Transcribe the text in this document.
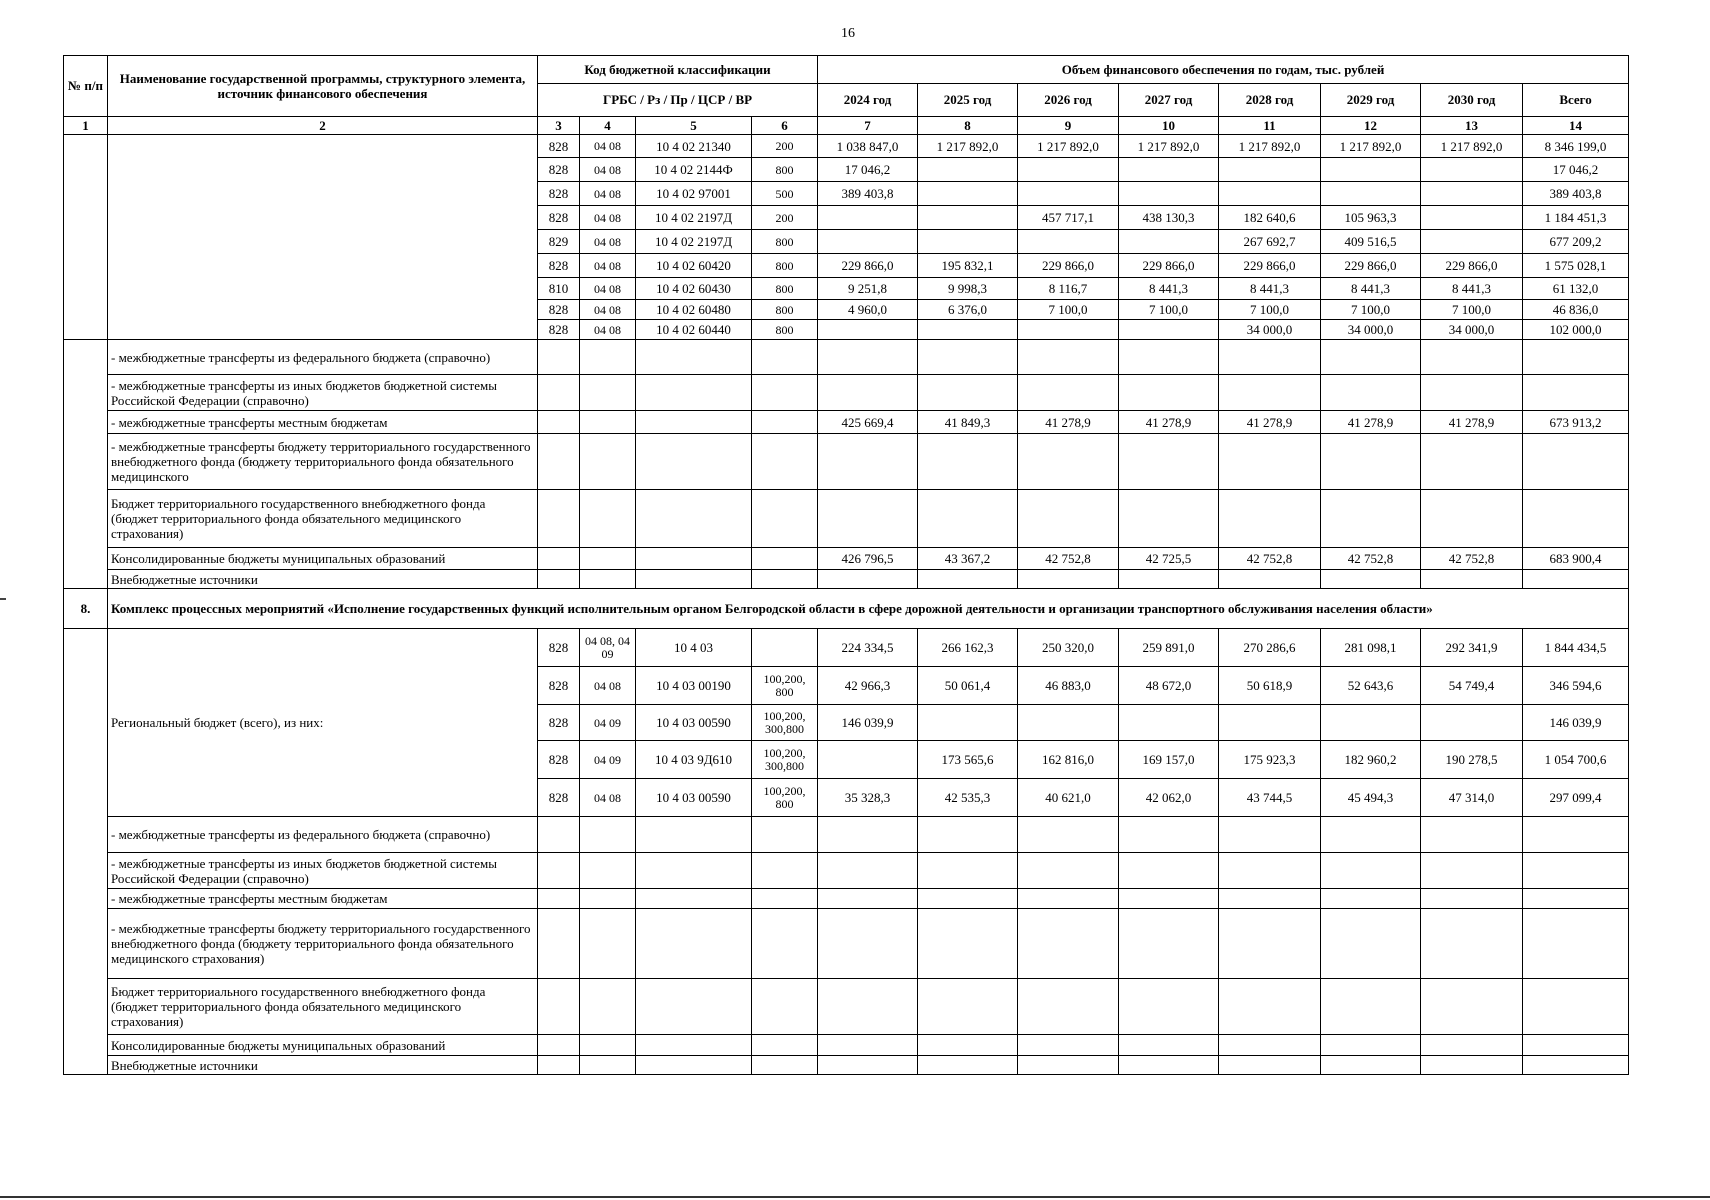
16
№ п/п	Наименование государственной программы, структурного элемента, источник финансового обеспечения	Код бюджетной классификации				Объем финансового обеспечения по годам, тыс. рублей							
		ГРБС / Рз / Пр / ЦСР / ВР				2024 год	2025 год	2026 год	2027 год	2028 год	2029 год	2030 год	Всего
1	2	3	4	5	6	7	8	9	10	11	12	13	14
		828	04 08	10 4 02 21340	200	1 038 847,0	1 217 892,0	1 217 892,0	1 217 892,0	1 217 892,0	1 217 892,0	1 217 892,0	8 346 199,0
		828	04 08	10 4 02 2144Ф	800	17 046,2							17 046,2
		828	04 08	10 4 02 97001	500	389 403,8							389 403,8
		828	04 08	10 4 02 2197Д	200			457 717,1	438 130,3	182 640,6	105 963,3		1 184 451,3
		829	04 08	10 4 02 2197Д	800					267 692,7	409 516,5		677 209,2
		828	04 08	10 4 02 60420	800	229 866,0	195 832,1	229 866,0	229 866,0	229 866,0	229 866,0	229 866,0	1 575 028,1
		810	04 08	10 4 02 60430	800	9 251,8	9 998,3	8 116,7	8 441,3	8 441,3	8 441,3	8 441,3	61 132,0
		828	04 08	10 4 02 60480	800	4 960,0	6 376,0	7 100,0	7 100,0	7 100,0	7 100,0	7 100,0	46 836,0
		828	04 08	10 4 02 60440	800					34 000,0	34 000,0	34 000,0	102 000,0
	- межбюджетные трансферты из федерального бюджета (справочно)												
	- межбюджетные трансферты из иных бюджетов бюджетной системы Российской Федерации (справочно)												
	- межбюджетные трансферты местным бюджетам					425 669,4	41 849,3	41 278,9	41 278,9	41 278,9	41 278,9	41 278,9	673 913,2
	- межбюджетные трансферты бюджету территориального государственного внебюджетного фонда (бюджету территориального фонда обязательного медицинского												
	Бюджет территориального государственного внебюджетного фонда (бюджет территориального фонда обязательного медицинского страхования)												
	Консолидированные бюджеты муниципальных образований					426 796,5	43 367,2	42 752,8	42 725,5	42 752,8	42 752,8	42 752,8	683 900,4
	Внебюджетные источники												
8.	Комплекс процессных мероприятий «Исполнение государственных функций исполнительным органом Белгородской области в сфере дорожной деятельности и организации транспортного обслуживания населения области»												
	Региональный бюджет (всего), из них:	828	04 08, 04 09	10 4 03		224 334,5	266 162,3	250 320,0	259 891,0	270 286,6	281 098,1	292 341,9	1 844 434,5
		828	04 08	10 4 03 00190	100,200, 800	42 966,3	50 061,4	46 883,0	48 672,0	50 618,9	52 643,6	54 749,4	346 594,6
		828	04 09	10 4 03 00590	100,200, 300,800	146 039,9							146 039,9
		828	04 09	10 4 03 9Д610	100,200, 300,800		173 565,6	162 816,0	169 157,0	175 923,3	182 960,2	190 278,5	1 054 700,6
		828	04 08	10 4 03 00590	100,200, 800	35 328,3	42 535,3	40 621,0	42 062,0	43 744,5	45 494,3	47 314,0	297 099,4
	- межбюджетные трансферты из федерального бюджета (справочно)												
	- межбюджетные трансферты из иных бюджетов бюджетной системы Российской Федерации (справочно)												
	- межбюджетные трансферты местным бюджетам												
	- межбюджетные трансферты бюджету территориального государственного внебюджетного фонда (бюджету территориального фонда обязательного медицинского страхования)												
	Бюджет территориального государственного внебюджетного фонда (бюджет территориального фонда обязательного медицинского страхования)												
	Консолидированные бюджеты муниципальных образований												
	Внебюджетные источники												
